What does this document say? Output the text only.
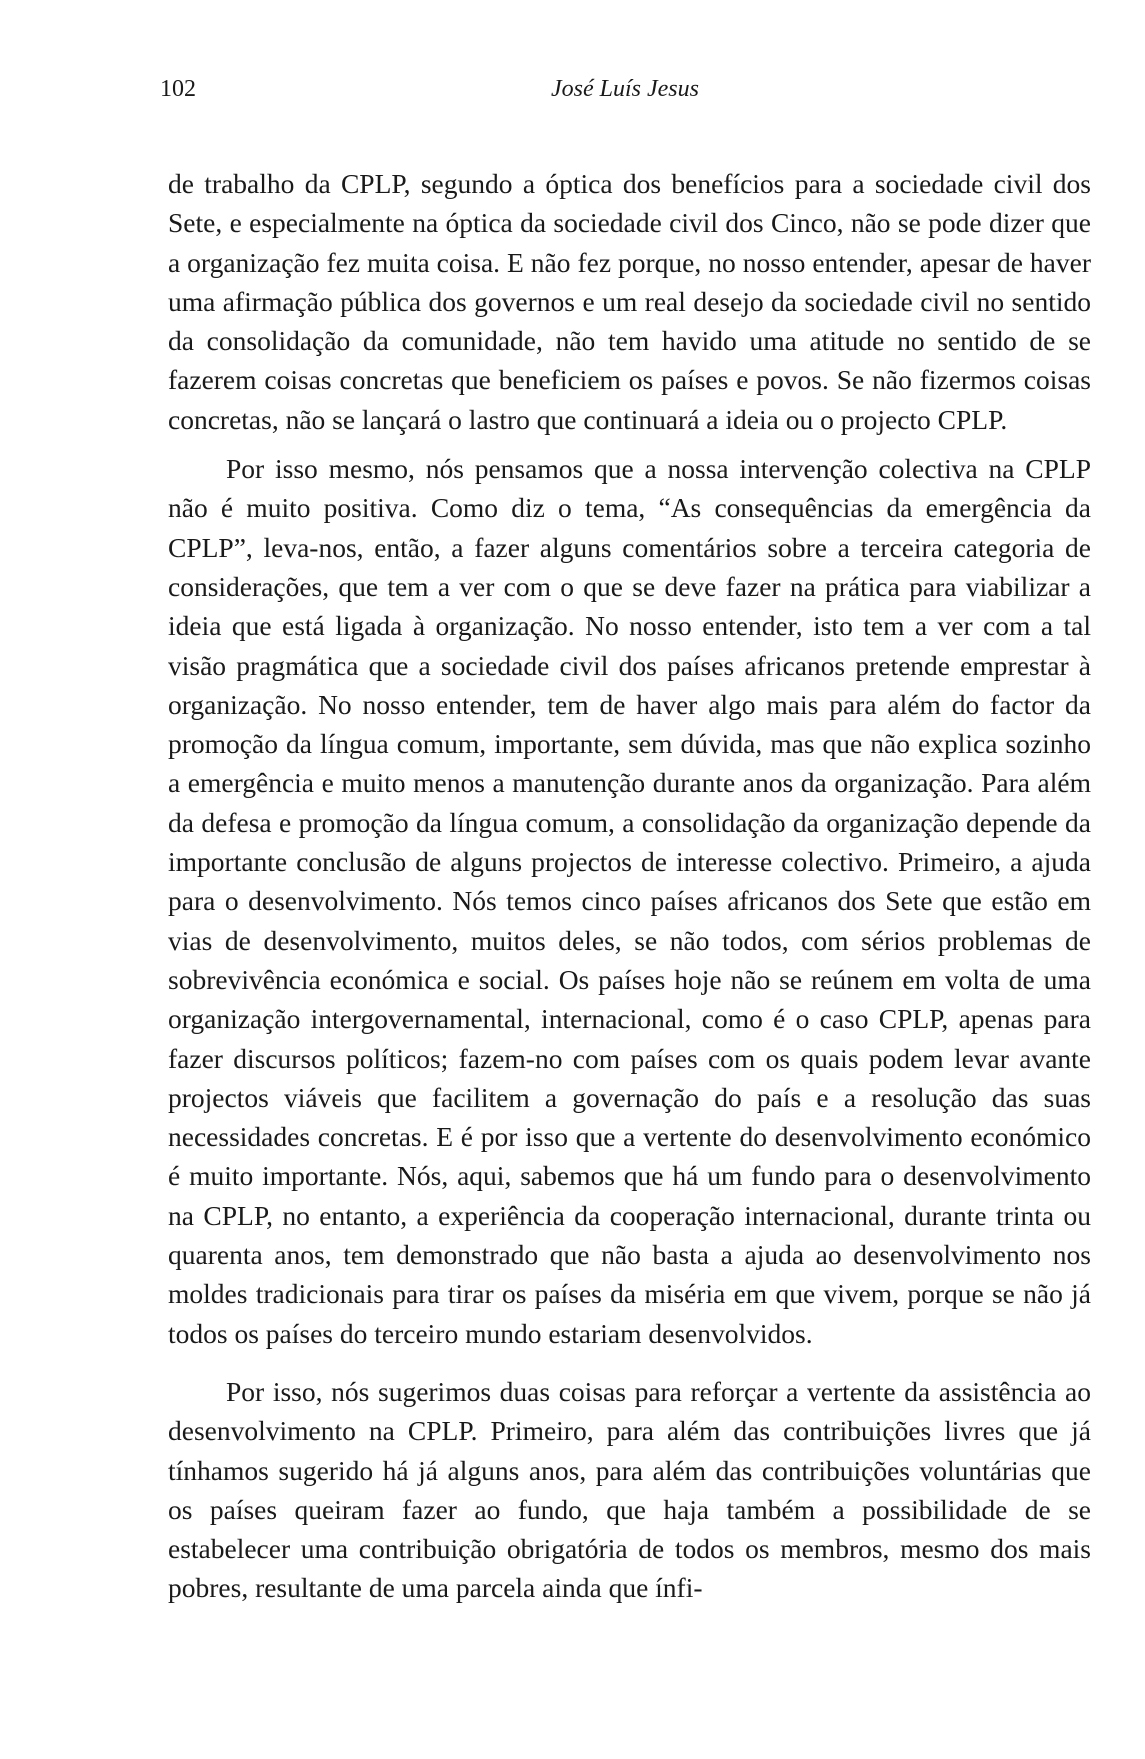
102	José Luís Jesus

de trabalho da CPLP, segundo a óptica dos benefícios para a sociedade civil dos Sete, e especialmente na óptica da sociedade civil dos Cinco, não se pode dizer que a organização fez muita coisa. E não fez porque, no nosso entender, apesar de haver uma afirmação pública dos governos e um real desejo da sociedade civil no sentido da consolidação da comunidade, não tem havido uma atitude no sentido de se fazerem coisas concretas que beneficiem os países e povos. Se não fizermos coisas concretas, não se lançará o lastro que continuará a ideia ou o projecto CPLP.

Por isso mesmo, nós pensamos que a nossa intervenção colectiva na CPLP não é muito positiva. Como diz o tema, “As consequências da emergência da CPLP”, leva-nos, então, a fazer alguns comentários sobre a terceira categoria de considerações, que tem a ver com o que se deve fazer na prática para viabilizar a ideia que está ligada à organização. No nosso entender, isto tem a ver com a tal visão pragmática que a sociedade civil dos países africanos pretende emprestar à organização. No nosso entender, tem de haver algo mais para além do factor da promoção da língua comum, importante, sem dúvida, mas que não explica sozinho a emergência e muito menos a manutenção durante anos da organização. Para além da defesa e promoção da língua comum, a consolidação da organização depende da importante conclusão de alguns projectos de interesse colectivo. Primeiro, a ajuda para o desenvolvimento. Nós temos cinco países africanos dos Sete que estão em vias de desenvolvimento, muitos deles, se não todos, com sérios problemas de sobrevivência económica e social. Os países hoje não se reúnem em volta de uma organização intergovernamental, internacional, como é o caso CPLP, apenas para fazer discursos políticos; fazem-no com países com os quais podem levar avante projectos viáveis que facilitem a governação do país e a resolução das suas necessidades concretas. E é por isso que a vertente do desenvolvimento económico é muito importante. Nós, aqui, sabemos que há um fundo para o desenvolvimento na CPLP, no entanto, a experiência da cooperação internacional, durante trinta ou quarenta anos, tem demonstrado que não basta a ajuda ao desenvolvimento nos moldes tradicionais para tirar os países da miséria em que vivem, porque se não já todos os países do terceiro mundo estariam desenvolvidos.

Por isso, nós sugerimos duas coisas para reforçar a vertente da assistência ao desenvolvimento na CPLP. Primeiro, para além das contribuições livres que já tínhamos sugerido há já alguns anos, para além das contribuições voluntárias que os países queiram fazer ao fundo, que haja também a possibilidade de se estabelecer uma contribuição obrigatória de todos os membros, mesmo dos mais pobres, resultante de uma parcela ainda que ínfi-
